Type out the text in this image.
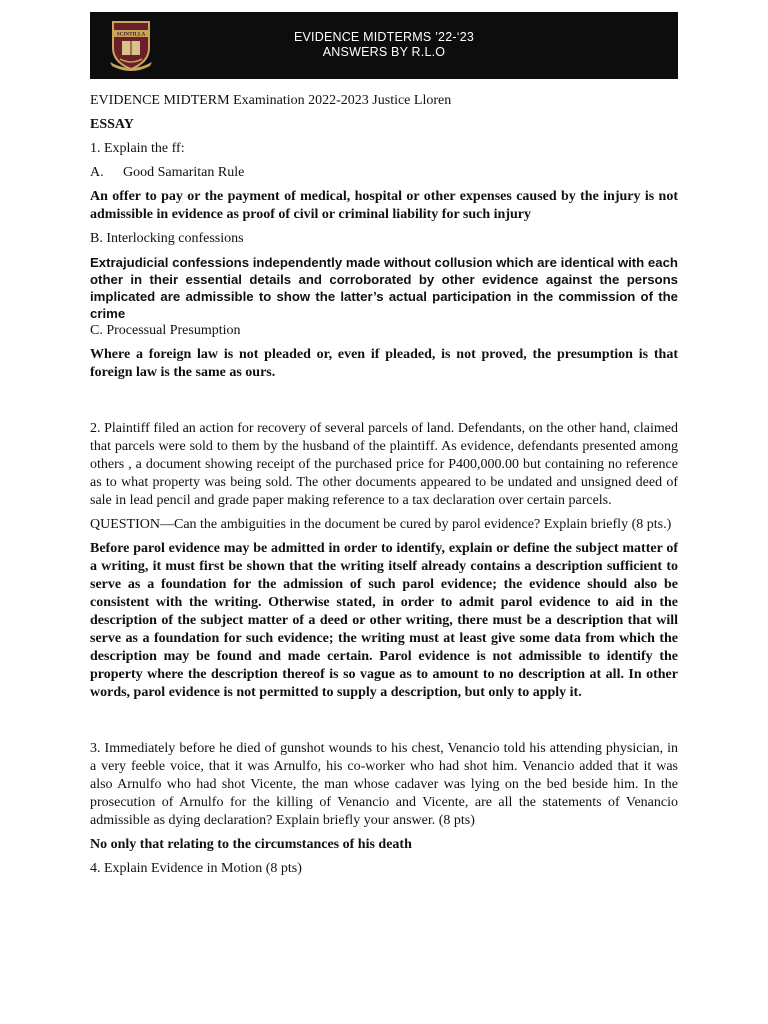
SCINTILLA	EVIDENCE MIDTERMS ’22-‘23
ANSWERS BY R.L.O

EVIDENCE MIDTERM Examination 2022-2023 Justice Lloren

ESSAY

1. Explain the ff:

A. Good Samaritan Rule

An offer to pay or the payment of medical, hospital or other expenses caused by the injury is not admissible in evidence as proof of civil or criminal liability for such injury

B. Interlocking confessions

Extrajudicial confessions independently made without collusion which are identical with each other in their essential details and corroborated by other evidence against the persons implicated are admissible to show the latter’s actual participation in the commission of the crime

C. Processual Presumption

Where a foreign law is not pleaded or, even if pleaded, is not proved, the presumption is that foreign law is the same as ours.

2. Plaintiff filed an action for recovery of several parcels of land. Defendants, on the other hand, claimed that parcels were sold to them by the husband of the plaintiff. As evidence, defendants presented among others , a document showing receipt of the purchased price for P400,000.00 but containing no reference as to what property was being sold. The other documents appeared to be undated and unsigned deed of sale in lead pencil and grade paper making reference to a tax declaration over certain parcels.

QUESTION—Can the ambiguities in the document be cured by parol evidence? Explain briefly (8 pts.)

Before parol evidence may be admitted in order to identify, explain or define the subject matter of a writing, it must first be shown that the writing itself already contains a description sufficient to serve as a foundation for the admission of such parol evidence; the evidence should also be consistent with the writing. Otherwise stated, in order to admit parol evidence to aid in the description of the subject matter of a deed or other writing, there must be a description that will serve as a foundation for such evidence; the writing must at least give some data from which the description may be found and made certain. Parol evidence is not admissible to identify the property where the description thereof is so vague as to amount to no description at all. In other words, parol evidence is not permitted to supply a description, but only to apply it.

3. Immediately before he died of gunshot wounds to his chest, Venancio told his attending physician, in a very feeble voice, that it was Arnulfo, his co-worker who had shot him. Venancio added that it was also Arnulfo who had shot Vicente, the man whose cadaver was lying on the bed beside him. In the prosecution of Arnulfo for the killing of Venancio and Vicente, are all the statements of Venancio admissible as dying declaration? Explain briefly your answer. (8 pts)

No only that relating to the circumstances of his death

4. Explain Evidence in Motion (8 pts)
